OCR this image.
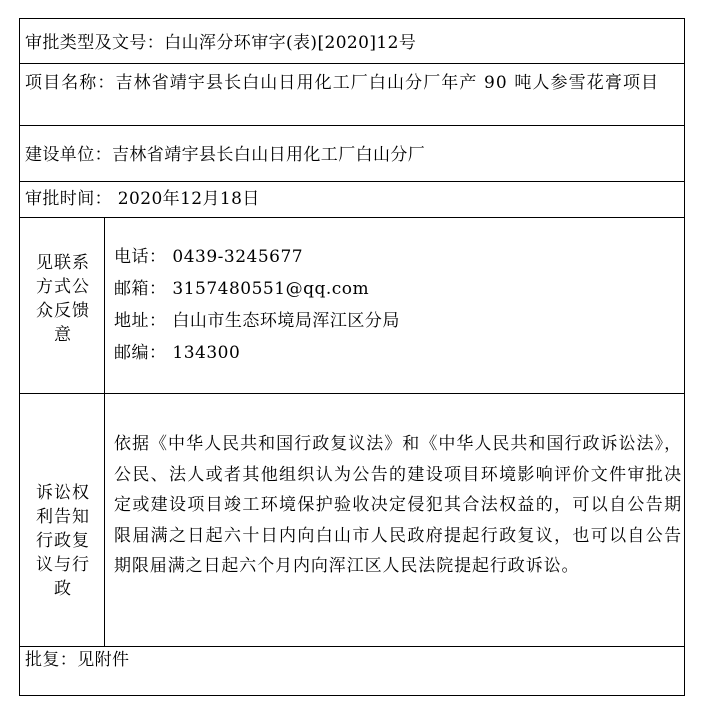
审批类型及文号：白山浑分环审字(表)[2020]12号
项目名称：吉林省靖宇县长白山日用化工厂白山分厂年产 90 吨人参雪花膏项目
建设单位：吉林省靖宇县长白山日用化工厂白山分厂
审批时间： 2020年12月18日
见联系方式公众反馈意
电话： 0439-3245677
邮箱： 3157480551@qq.com
地址： 白山市生态环境局浑江区分局
邮编： 134300
诉讼权利告知行政复议与行政
依据《中华人民共和国行政复议法》和《中华人民共和国行政诉讼法》，公民、法人或者其他组织认为公告的建设项目环境影响评价文件审批决定或建设项目竣工环境保护验收决定侵犯其合法权益的，可以自公告期限届满之日起六十日内向白山市人民政府提起行政复议，也可以自公告期限届满之日起六个月内向浑江区人民法院提起行政诉讼。
批复：见附件
